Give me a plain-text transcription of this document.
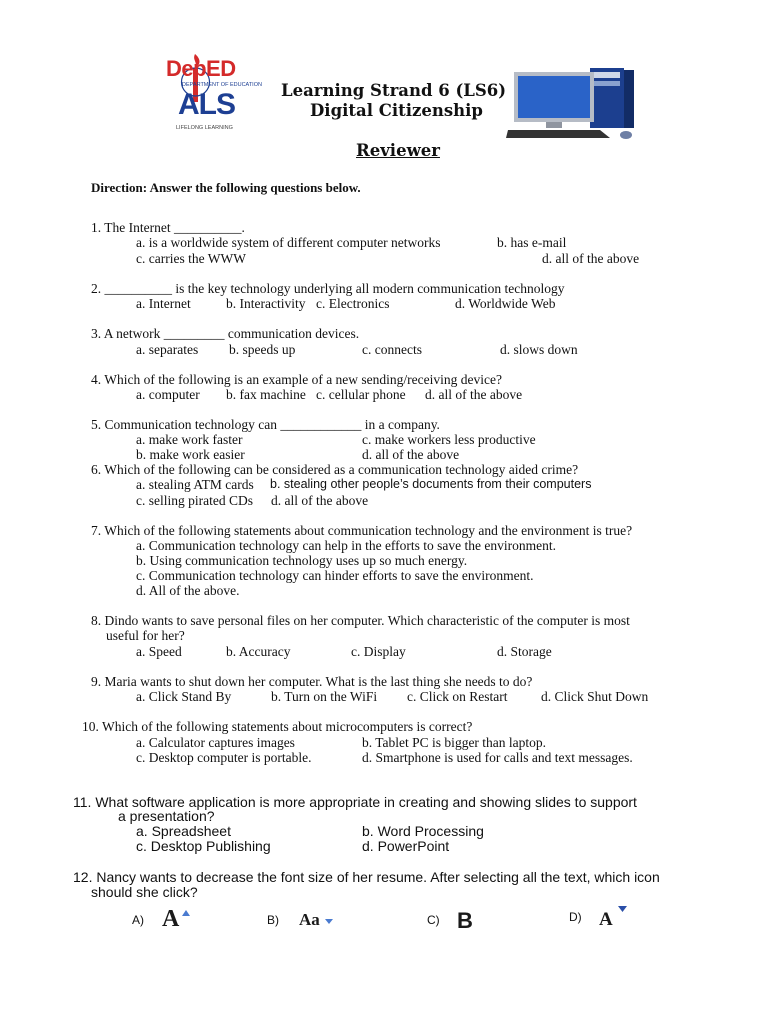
DepED
DEPARTMENT OF EDUCATION
ALS
LIFELONG LEARNING
Learning Strand 6 (LS6)
Digital Citizenship
Reviewer
Direction: Answer the following questions below.
1. The Internet __________.
a. is a worldwide system of different computer networks	b. has e-mail
c. carries the WWW	d. all of the above
2. __________ is the key technology underlying all modern communication technology
a. Internet	b. Interactivity c. Electronics	d. Worldwide Web
3. A network _________ communication devices.
a. separates b. speeds up	c. connects	d. slows down
4. Which of the following is an example of a new sending/receiving device?
a. computer b. fax machine c. cellular phone d. all of the above
5. Communication technology can ____________ in a company.
a. make work faster	c. make workers less productive
b. make work easier	d. all of the above
6. Which of the following can be considered as a communication technology aided crime?
a. stealing ATM cards b. stealing other people’s documents from their computers
c. selling pirated CDs d. all of the above
7. Which of the following statements about communication technology and the environment is true?
a. Communication technology can help in the efforts to save the environment.
b. Using communication technology uses up so much energy.
c. Communication technology can hinder efforts to save the environment.
d. All of the above.
8. Dindo wants to save personal files on her computer. Which characteristic of the computer is most
useful for her?
a. Speed	b. Accuracy	c. Display	d. Storage
9. Maria wants to shut down her computer. What is the last thing she needs to do?
a. Click Stand By	b. Turn on the WiFi c. Click on Restart d. Click Shut Down
10. Which of the following statements about microcomputers is correct?
a. Calculator captures images	b. Tablet PC is bigger than laptop.
c. Desktop computer is portable.	d. Smartphone is used for calls and text messages.
11. What software application is more appropriate in creating and showing slides to support
a presentation?
a. Spreadsheet	b. Word Processing
c. Desktop Publishing	d. PowerPoint
12. Nancy wants to decrease the font size of her resume. After selecting all the text, which icon
should she click?
A) A	B) Aa	C) B	D) A
